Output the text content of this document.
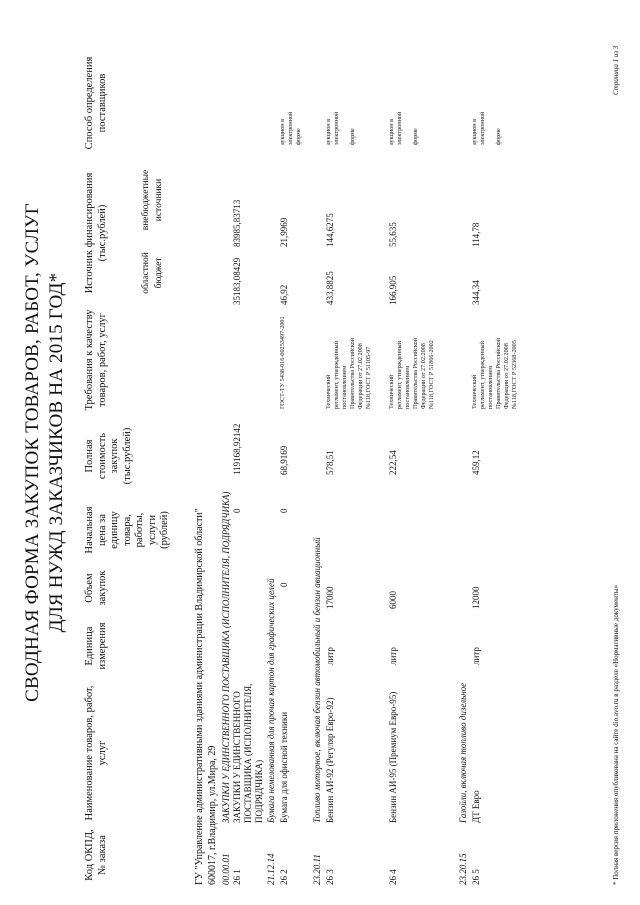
СВОДНАЯ ФОРМА ЗАКУПОК ТОВАРОВ, РАБОТ, УСЛУГ ДЛЯ НУЖД ЗАКАЗЧИКОВ НА 2015 ГОД*
Код ОКПД, № заказа
Наименование товаров, работ, услуг
Единица измерения
Объем закупок
Начальная цена за единицу товара, работы, услуги (рублей)
Полная стоимость закупок (тыс.рублей)
Требования к качеству товаров, работ, услуг
Источник финансирования (тыс.рублей)
областной бюджет
внебюджетные источники
Способ определения поставщиков
ГУ "Управление административными зданиями администрации Владимирской области" 600017, г.Владимир, ул.Мира, 29 00.00.01
ЗАКУПКИ У ЕДИНСТВЕННОГО ПОСТАВЩИКА (ИСПОЛНИТЕЛЯ, ПОДРЯДЧИКА)
26 1
ЗАКУПКИ У ЕДИНСТВЕННОГО ПОСТАВЩИКА (ИСПОЛНИТЕЛЯ, ПОДРЯДЧИКА)
0
119168,92142
35183,08429
83985,83713
21.12.14
Бумага немелованная для прочая картон для графических целей
26 2
Бумага для офисной техники
0
0
68,9169
ГОСТ-ТУ 5438-016-00253497-2001
46,92
21,9969
аукцион в электронной форме
23.20.11
Топливо моторное, включая бензин автомобильный и бензин авиационный
26 3
Бензин АИ-92 (Регуляр Евро-92)
литр
17000
578,51
Технический регламент, утвержденный постановлением Правительства Российской Федерации от 27.02.2008 №118,ГОСТ Р 51105-97
433,8825
144,6275
аукцион в электронной форме
26 4
Бензин АИ-95 (Премиум Евро-95)
литр
6000
222,54
Технический регламент, утвержденный постановлением Правительства Российской Федерации от 27.02.2008 №118,ГОСТ Р 51866-2002
166,905
55,635
аукцион в электронной форме
23.20.15
Газойли, включая топливо дизельное
26 5
ДТ Евро
литр
12000
459,12
Технический регламент, утвержденный постановлением Правительства Российской Федерации от 27.02.2008 №118,ГОСТ Р 52368-2005
344,34
114,78
аукцион в электронной форме
* Полная версия приложения опубликована на сайте dio.avo.ru в разделе «Нормативные документы»
Страница 1 из 3
